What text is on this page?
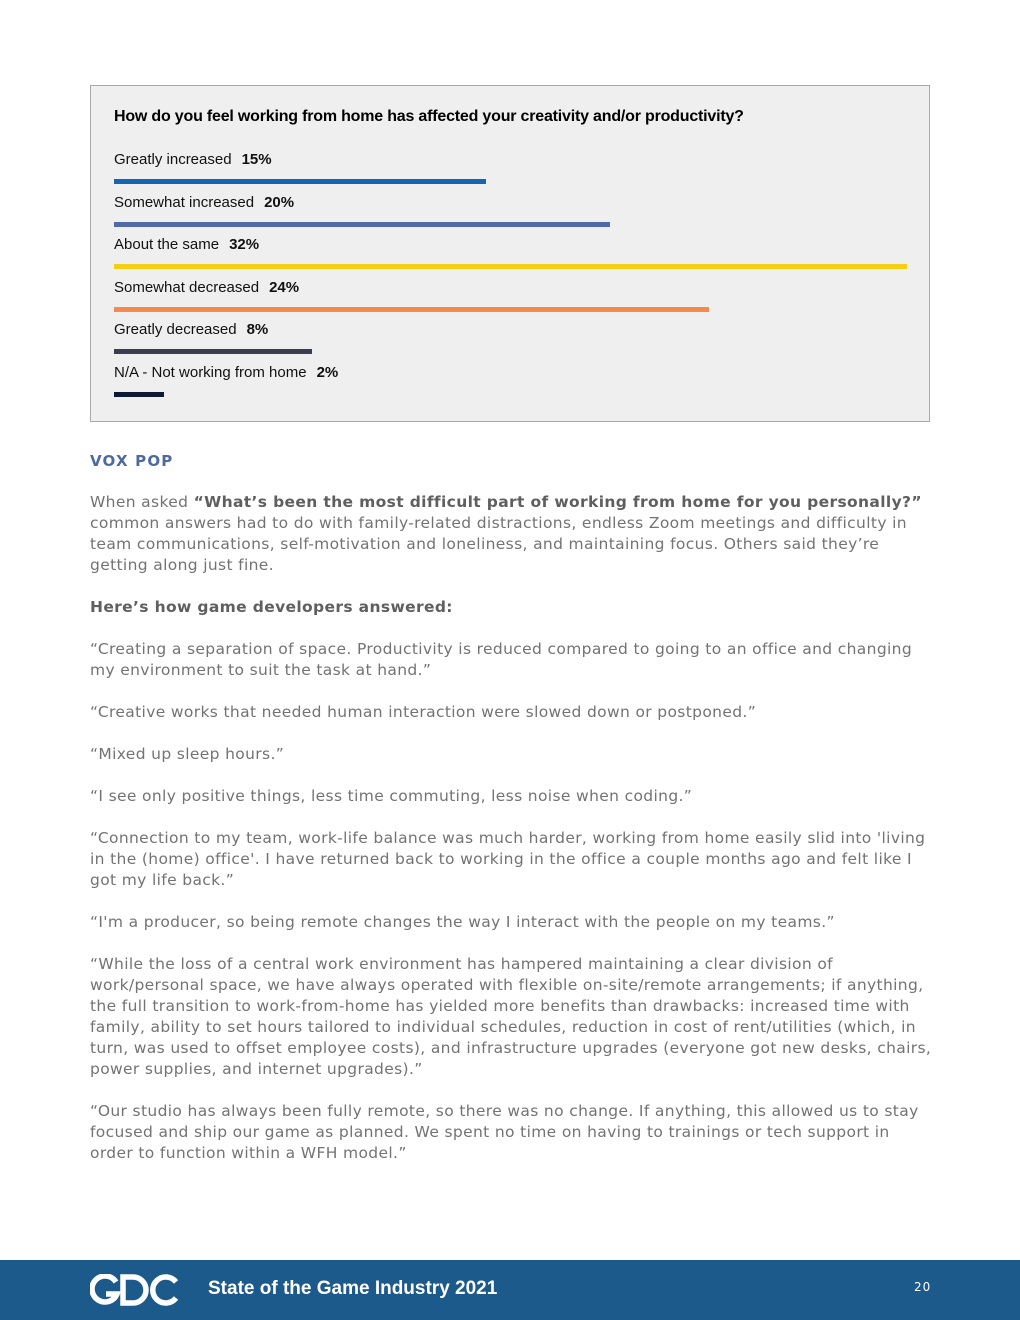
How do you feel working from home has affected your creativity and/or productivity?
Greatly increased 15%
Somewhat increased 20%
About the same 32%
Somewhat decreased 24%
Greatly decreased 8%
N/A - Not working from home 2%
VOX POP

When asked “What’s been the most difficult part of working from home for you personally?” common answers had to do with family-related distractions, endless Zoom meetings and difficulty in team communications, self-motivation and loneliness, and maintaining focus. Others said they’re getting along just fine.

Here’s how game developers answered:

“Creating a separation of space. Productivity is reduced compared to going to an office and changing my environment to suit the task at hand.”

“Creative works that needed human interaction were slowed down or postponed.”

“Mixed up sleep hours.”

“I see only positive things, less time commuting, less noise when coding.”

“Connection to my team, work-life balance was much harder, working from home easily slid into 'living in the (home) office'. I have returned back to working in the office a couple months ago and felt like I got my life back.”

“I'm a producer, so being remote changes the way I interact with the people on my teams.”

“While the loss of a central work environment has hampered maintaining a clear division of work/personal space, we have always operated with flexible on-site/remote arrangements; if anything, the full transition to work-from-home has yielded more benefits than drawbacks: increased time with family, ability to set hours tailored to individual schedules, reduction in cost of rent/utilities (which, in turn, was used to offset employee costs), and infrastructure upgrades (everyone got new desks, chairs, power supplies, and internet upgrades).”

“Our studio has always been fully remote, so there was no change. If anything, this allowed us to stay focused and ship our game as planned. We spent no time on having to trainings or tech support in order to function within a WFH model.”

State of the Game Industry 2021	20
